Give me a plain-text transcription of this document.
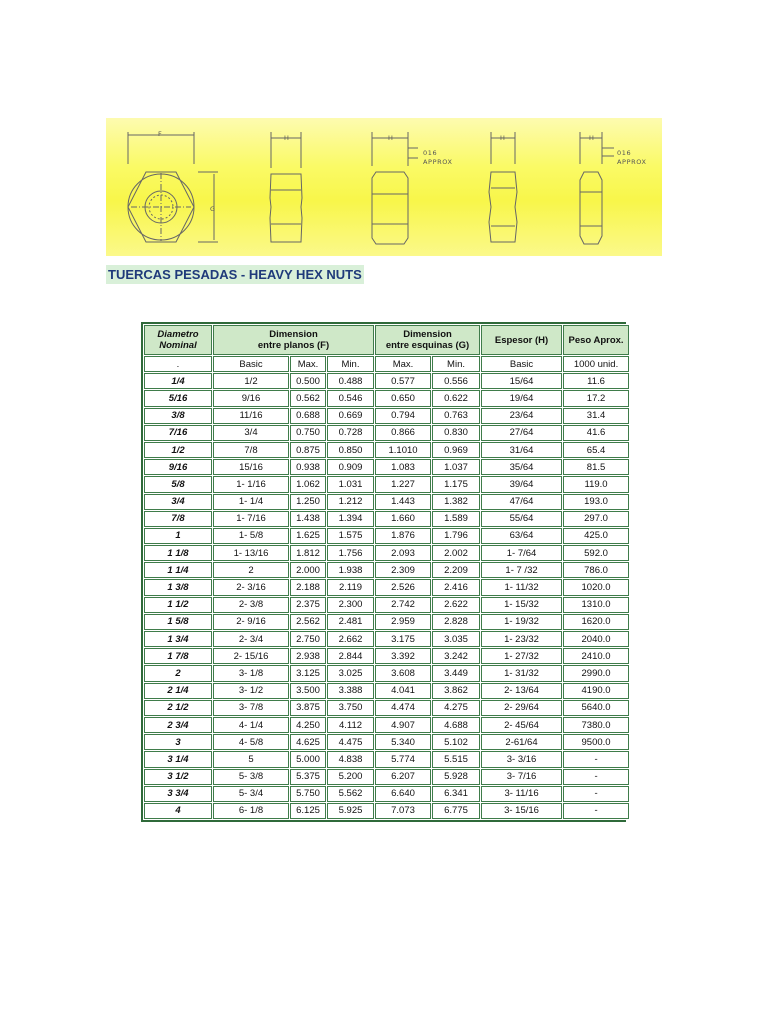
F
G
H	H
016
APPROX
H	H
016
APPROX
TUERCAS PESADAS - HEAVY HEX NUTS
Diametro
Nominal	Dimension
entre planos (F)			Dimension
entre esquinas (G)		Espesor (H)	Peso Aprox.
.	Basic	Max.	Min.	Max.	Min.	Basic	1000 unid.
1/4	1/2	0.500	0.488	0.577	0.556	15/64	11.6
5/16	9/16	0.562	0.546	0.650	0.622	19/64	17.2
3/8	11/16	0.688	0.669	0.794	0.763	23/64	31.4
7/16	3/4	0.750	0.728	0.866	0.830	27/64	41.6
1/2	7/8	0.875	0.850	1.1010	0.969	31/64	65.4
9/16	15/16	0.938	0.909	1.083	1.037	35/64	81.5
5/8	1- 1/16	1.062	1.031	1.227	1.175	39/64	119.0
3/4	1- 1/4	1.250	1.212	1.443	1.382	47/64	193.0
7/8	1- 7/16	1.438	1.394	1.660	1.589	55/64	297.0
1	1- 5/8	1.625	1.575	1.876	1.796	63/64	425.0
1 1/8	1- 13/16	1.812	1.756	2.093	2.002	1- 7/64	592.0
1 1/4	2	2.000	1.938	2.309	2.209	1- 7 /32	786.0
1 3/8	2- 3/16	2.188	2.119	2.526	2.416	1- 11/32	1020.0
1 1/2	2- 3/8	2.375	2.300	2.742	2.622	1- 15/32	1310.0
1 5/8	2- 9/16	2.562	2.481	2.959	2.828	1- 19/32	1620.0
1 3/4	2- 3/4	2.750	2.662	3.175	3.035	1- 23/32	2040.0
1 7/8	2- 15/16	2.938	2.844	3.392	3.242	1- 27/32	2410.0
2	3- 1/8	3.125	3.025	3.608	3.449	1- 31/32	2990.0
2 1/4	3- 1/2	3.500	3.388	4.041	3.862	2- 13/64	4190.0
2 1/2	3- 7/8	3.875	3.750	4.474	4.275	2- 29/64	5640.0
2 3/4	4- 1/4	4.250	4.112	4.907	4.688	2- 45/64	7380.0
3	4- 5/8	4.625	4.475	5.340	5.102	2-61/64	9500.0
3 1/4	5	5.000	4.838	5.774	5.515	3- 3/16	-
3 1/2	5- 3/8	5.375	5.200	6.207	5.928	3- 7/16	-
3 3/4	5- 3/4	5.750	5.562	6.640	6.341	3- 11/16	-
4	6- 1/8	6.125	5.925	7.073	6.775	3- 15/16	-
